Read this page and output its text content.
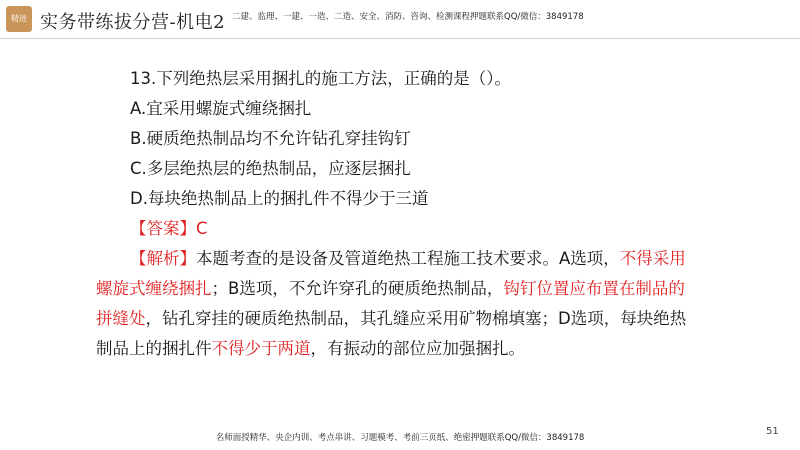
精进 实务带练拔分营-机电2 二建、监理、一建、一造、二造、安全、消防、咨询、检测课程押题联系QQ/微信：3849178
13.下列绝热层采用捆扎的施工方法，正确的是（）。
A.宜采用螺旋式缠绕捆扎
B.硬质绝热制品均不允许钻孔穿挂钩钉
C.多层绝热层的绝热制品，应逐层捆扎
D.每块绝热制品上的捆扎件不得少于三道
【答案】C
【解析】本题考查的是设备及管道绝热工程施工技术要求。A选项，不得采用螺旋式缠绕捆扎；B选项，不允许穿孔的硬质绝热制品，钩钉位置应布置在制品的拼缝处，钻孔穿挂的硬质绝热制品，其孔缝应采用矿物棉填塞；D选项，每块绝热制品上的捆扎件不得少于两道，有振动的部位应加强捆扎。
名师面授精华、央企内训、考点串讲、习题模考、考前三页纸、绝密押题联系QQ/微信：3849178
51
